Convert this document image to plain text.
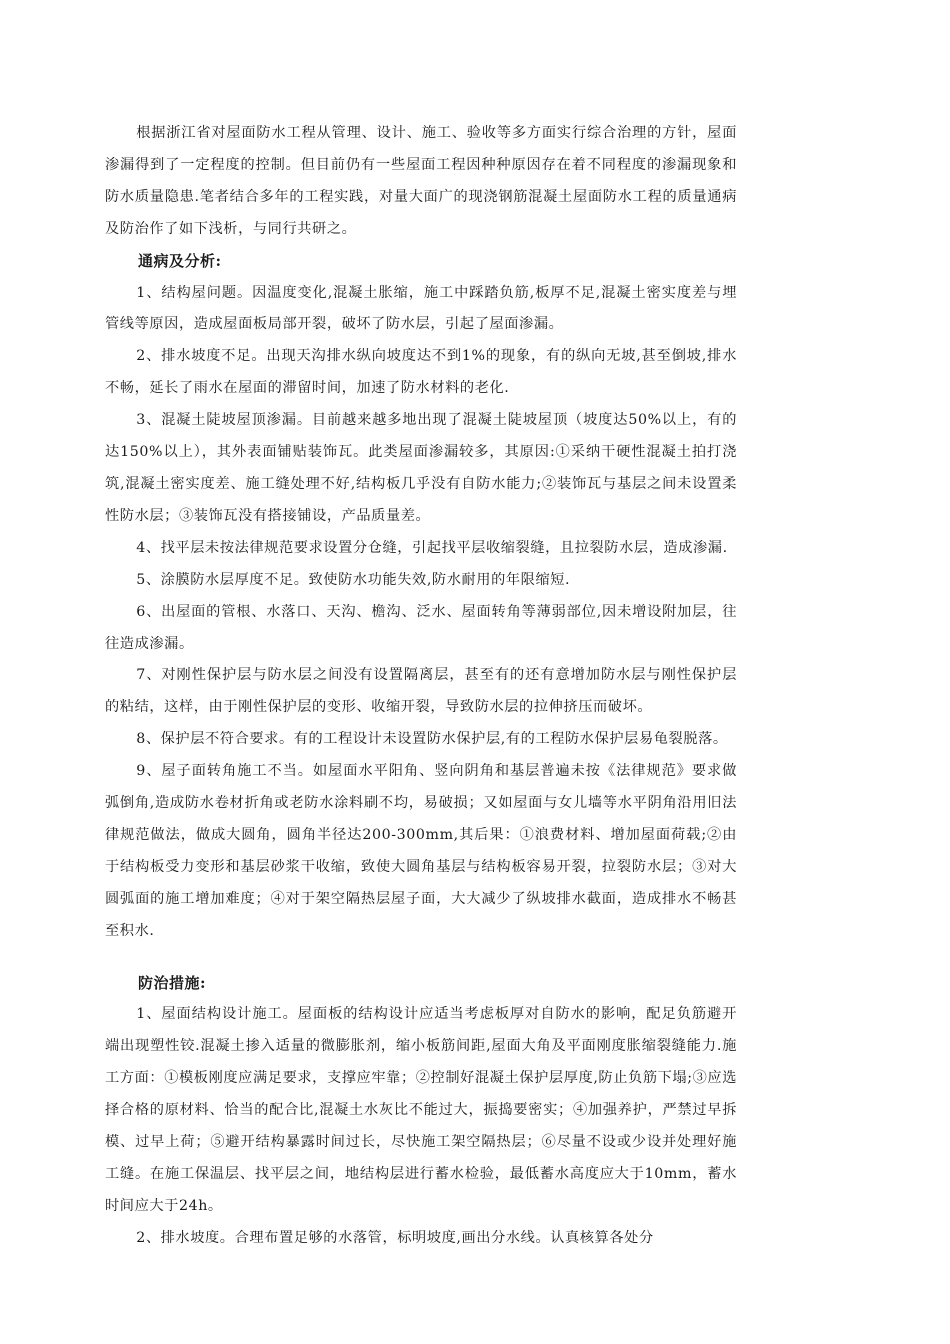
根据浙江省对屋面防水工程从管理、设计、施工、验收等多方面实行综合治理的方针，屋面渗漏得到了一定程度的控制。但目前仍有一些屋面工程因种种原因存在着不同程度的渗漏现象和防水质量隐患.笔者结合多年的工程实践，对量大面广的现浇钢筋混凝土屋面防水工程的质量通病及防治作了如下浅析，与同行共研之。

通病及分析:

1、结构屋问题。因温度变化,混凝土胀缩，施工中踩踏负筋,板厚不足,混凝土密实度差与埋管线等原因，造成屋面板局部开裂，破坏了防水层，引起了屋面渗漏。

2、排水坡度不足。出现天沟排水纵向坡度达不到1%的现象，有的纵向无坡,甚至倒坡,排水不畅，延长了雨水在屋面的滞留时间，加速了防水材料的老化.

3、混凝土陡坡屋顶渗漏。目前越来越多地出现了混凝土陡坡屋顶（坡度达50%以上，有的达150%以上），其外表面铺贴装饰瓦。此类屋面渗漏较多，其原因:①采纳干硬性混凝土拍打浇筑,混凝土密实度差、施工缝处理不好,结构板几乎没有自防水能力;②装饰瓦与基层之间未设置柔性防水层；③装饰瓦没有搭接铺设，产品质量差。

4、找平层未按法律规范要求设置分仓缝，引起找平层收缩裂缝，且拉裂防水层，造成渗漏.

5、涂膜防水层厚度不足。致使防水功能失效,防水耐用的年限缩短.

6、出屋面的管根、水落口、天沟、檐沟、泛水、屋面转角等薄弱部位,因未增设附加层，往往造成渗漏。

7、对刚性保护层与防水层之间没有设置隔离层，甚至有的还有意增加防水层与刚性保护层的粘结，这样，由于刚性保护层的变形、收缩开裂，导致防水层的拉伸挤压而破坏。

8、保护层不符合要求。有的工程设计未设置防水保护层,有的工程防水保护层易龟裂脱落。

9、屋子面转角施工不当。如屋面水平阳角、竖向阴角和基层普遍未按《法律规范》要求做弧倒角,造成防水卷材折角或老防水涂料刷不均，易破损；又如屋面与女儿墙等水平阴角沿用旧法律规范做法，做成大圆角，圆角半径达200-300mm,其后果：①浪费材料、增加屋面荷载;②由于结构板受力变形和基层砂浆干收缩，致使大圆角基层与结构板容易开裂，拉裂防水层；③对大圆弧面的施工增加难度；④对于架空隔热层屋子面，大大减少了纵坡排水截面，造成排水不畅甚至积水.

防治措施:

1、屋面结构设计施工。屋面板的结构设计应适当考虑板厚对自防水的影响，配足负筋避开端出现塑性铰.混凝土掺入适量的微膨胀剂，缩小板筋间距,屋面大角及平面刚度胀缩裂缝能力.施工方面：①模板刚度应满足要求，支撑应牢靠；②控制好混凝土保护层厚度,防止负筋下塌;③应选择合格的原材料、恰当的配合比,混凝土水灰比不能过大，振捣要密实；④加强养护，严禁过早拆模、过早上荷；⑤避开结构暴露时间过长，尽快施工架空隔热层；⑥尽量不设或少设并处理好施工缝。在施工保温层、找平层之间，地结构层进行蓄水检验，最低蓄水高度应大于10mm，蓄水时间应大于24h。

2、排水坡度。合理布置足够的水落管，标明坡度,画出分水线。认真核算各处分
